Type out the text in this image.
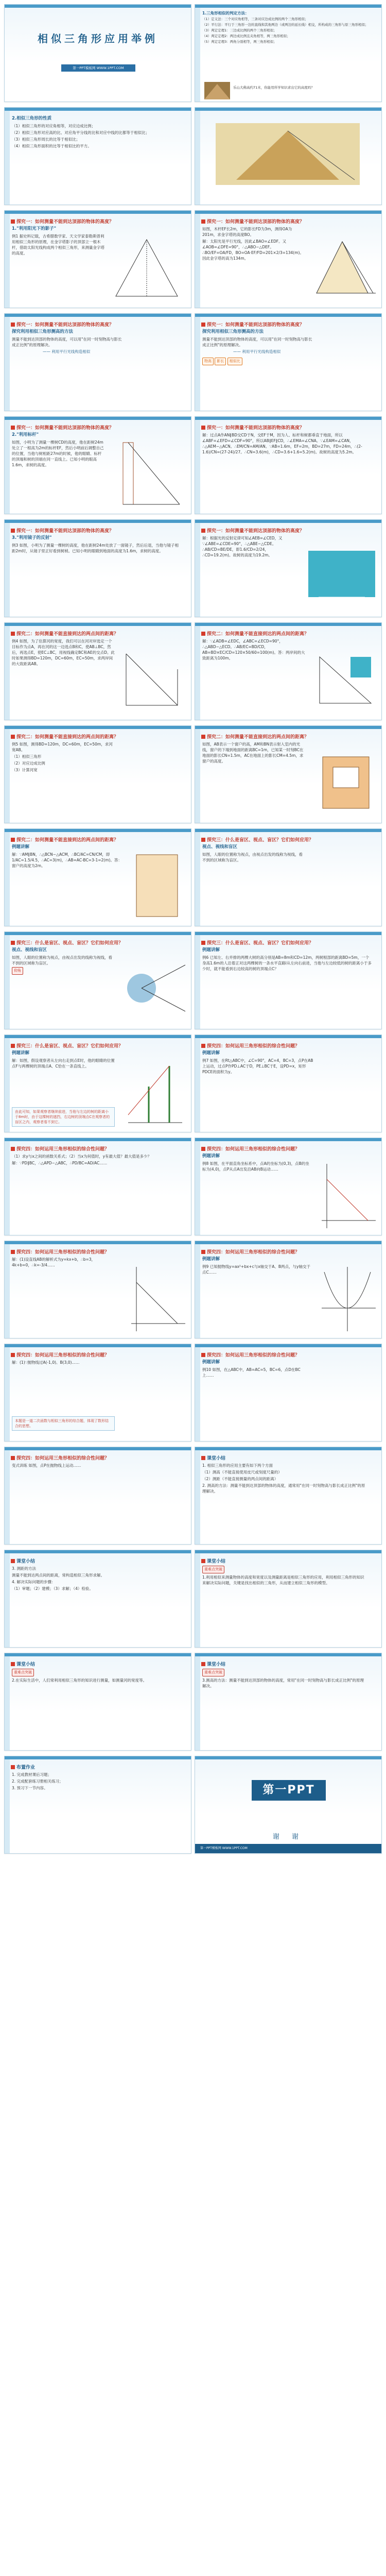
相似三角形应用举例
第一PPT模板网 WWW.1PPT.COM
1.三角形相似的判定方法：

（1）定义法：三个对应角相等，三条对应边成比例的两个三角形相似；

（2）平行法：平行于三角形一边的直线和其他两边（或两边的延长线）相交，所构成的三角形与原三角形相似；

（3）判定定理1：三边成比例的两个三角形相似；

（4）判定定理2：两边成比例且夹角相等，两三角形相似；

（5）判定定理3：两角分别相等，两三角形相似；

乐山大佛高约71米，你能用所学知识求出它的高度吗？
2.相似三角形的性质

（1）相似三角形的对应角相等，对应边成比例；

（2）相似三角形对应高的比、对应角平分线的比和对应中线的比都等于相似比；

（3）相似三角形周长的比等于相似比；

（4）相似三角形面积的比等于相似比的平方。

探究一：如何测量不能到达顶部的物体的高度？
1."利用阳光下的影子"

例1 据史料记载，古希腊数学家、天文学家泰勒斯曾利用相似三角形的原理，在金字塔影子的顶部立一根木杆，借助太阳光线构成两个相似三角形，来测量金字塔的高度。

探究一：如何测量不能到达顶部的物体的高度？

如图，木杆EF长2m，它的影长FD为3m，测得OA为201m，求金字塔的高度BO。

解：太阳光是平行光线，因此∠BAO=∠EDF。又∠AOB=∠DFE=90°，∴△ABO∽△DEF。∴BO/EF=OA/FD，BO=OA·EF/FD=201×2/3=134(m)。因此金字塔的高为134m。

探究一：如何测量不能到达顶部的物体的高度？
探究利用相似三角形测高的方法

测量不能到达顶部的物体的高度，可以用"在同一时刻物高与影长成正比例"的原理解决。

—— 利用平行光线构造相似

探究一：如何测量不能到达顶部的物体的高度？
探究利用相似三角形测高的方法

测量不能到达顶部的物体的高度，可以用"在同一时刻物高与影长成正比例"的原理解决。

—— 利用平行光线构造相似

物高 影长 相似比

探究一：如何测量不能到达顶部的物体的高度？
2."利用标杆"

如图，小明为了测量一棵树CD的高度，他在距树24m处立了一根高为2m的标杆EF，然后小明前后调整自己的位置，当他与树相距27m的时候，他的眼睛、标杆的顶端和树的顶端在同一直线上。已知小明的眼高1.6m，求树的高度。

探究一：如何测量不能到达顶部的物体的高度？

解：过点A作AN∥BD交CD于N，交EF于M，因为人、标杆和树都垂直于地面，所以∠ABF=∠EFD=∠CDF=90°，所以AB∥EF∥CD，∴∠EMA=∠CNA。∵∠EAM=∠CAN，∴△AEM∽△ACN。∴EM/CN=AM/AN。∵AB=1.6m，EF=2m，BD=27m，FD=24m，∴(2-1.6)/CN=(27-24)/27。∴CN=3.6(m)，∴CD=3.6+1.6=5.2(m)。故树的高度为5.2m。

探究一：如何测量不能到达顶部的物体的高度？
3."利用镜子的反射"

例3 如图，小明为了测量一棵树的高度，他在距树24m处放了一面镜子，然后后退，当他与镜子相距2m时，从镜子里正好看到树梢。已知小明的眼睛到地面的高度为1.6m，求树的高度。

探究一：如何测量不能到达顶部的物体的高度？

解：根据光的反射定律可知∠AEB=∠CED，又∵∠ABE=∠CDE=90°，∴△ABE∽△CDE。∴AB/CD=BE/DE，即1.6/CD=2/24，∴CD=19.2(m)。故树的高度为19.2m。

探究二：如何测量不能直接到达的两点间的距离？

例4 如图，为了估算河的宽度，我们可以在河对岸选定一个目标作为点A，再在河的这一边选点B和C，使AB⊥BC，然后，再选点E，使EC⊥BC，用视线确定BC和AE的交点D。此时如果测得BD=120m，DC=60m，EC=50m，求两岸间的大致距离AB。

探究二：如何测量不能直接到达的两点间的距离？

解：∵∠ADB=∠EDC，∠ABC=∠ECD=90°，∴△ABD∽△ECD。∴AB/EC=BD/CD，AB=BD×EC/CD=120×50/60=100(m)。答：两岸间的大致距离为100m。

探究二：如何测量不能直接到达的两点间的距离？

例5 如图，测得BD=120m，DC=60m，EC=50m，求河宽AB。

（1）相似三角形

（2）对应边成比例

（3）计算河宽

探究二：如何测量不能直接到达的两点间的距离？

如图，AB表示一个窗户的高，AM和BN表示射入室内的光线，窗户的下端到地面的距离BC=1m，已知某一时刻BC在地面的影长CN=1.5m，AC在地面上的影长CM=4.5m，求窗户的高度。

探究二：如何测量不能直接到达的两点间的距离？
例题讲解

解：∵AM∥BN，∴△BCN∽△ACM，∴BC/AC=CN/CM，即1/AC=1.5/4.5，∴AC=3(m)，∴AB=AC-BC=3-1=2(m)。答：窗户的高度为2m。

探究三：什么是盲区、视点、盲区？它们如何应用？
视点、视线和盲区

如图，人眼的位置称为视点，由视点出发的线称为视线，看不到的区域称为盲区。

探究三：什么是盲区、视点、盲区？它们如何应用？
视点、视线和盲区

如图，人眼的位置称为视点，由视点出发的线称为视线，看不到的区域称为盲区。

仰角

探究三：什么是盲区、视点、盲区？它们如何应用？
例题讲解

例6 已知左、右并排的两棵大树的高分别是AB=8m和CD=12m，两树根部的距离BD=5m，一个身高1.6m的人沿着正对这两棵树的一条水平直路l从左向右前进，当他与左边较低的树的距离小于多少时，就不能看到右边较高的树的顶端点C？

探究三：什么是盲区、视点、盲区？它们如何应用？
例题讲解

解：如图，假设观察者从左向右走到点E时，他的眼睛的位置点F与两棵树的顶端点A、C恰在一条直线上。

由此可知，如果观察者继续前进，当他与左边的树的距离小于8m时，由于这棵树的遮挡，右边树的顶端点C在观察者的盲区之内，观察者看不到它。
探究四：如何运用三角形相似的综合性问题？
例题讲解

例7 如图，在Rt△ABC中，∠C=90°，AC=4，BC=3，点P在AB上运动，过点P作PD⊥AC于D，PE⊥BC于E，设PD=x，矩形PDCE的面积为y。

探究四：如何运用三角形相似的综合性问题？

（1）求y与x之间的函数关系式；（2）当x为何值时，y有最大值？最大值是多少？

解：∵PD∥BC，∴△APD∽△ABC，∴PD/BC=AD/AC……

探究四：如何运用三角形相似的综合性问题？
例题讲解

例8 如图，在平面直角坐标系中，点A的坐标为(0,3)，点B的坐标为(4,0)，点P从点A出发沿AB向B运动……

探究四：如何运用三角形相似的综合性问题？

解：(1)设直线AB的解析式为y=kx+b，∴b=3，4k+b=0，∴k=-3/4……

探究四：如何运用三角形相似的综合性问题？
例题讲解

例9 已知抛物线y=ax²+bx+c与x轴交于A、B两点，与y轴交于点C……

探究四：如何运用三角形相似的综合性问题？

解：(1)∵抛物线过A(-1,0)、B(3,0)……

本题是一道二次函数与相似三角形的综合题，体现了数形结合的思想。
探究四：如何运用三角形相似的综合性问题？
例题讲解

例10 如图，在△ABC中，AB=AC=5，BC=6，点D在BC上……

探究四：如何运用三角形相似的综合性问题？

变式训练 如图，点P在抛物线上运动……

课堂小结

1. 相似三角形的应用主要有如下两个方面

（1）测高（不能直接使用皮尺或刻度尺量的）

（2）测距（不能直接测量的两点间的距离）

2. 测高的方法：测量不能到达顶部的物体的高度，通常用"在同一时刻物高与影长成正比例"的原理解决。

课堂小结

3. 测距的方法

测量不能到达两点间的距离，常构造相似三角形求解。

4. 解决实际问题的步骤：

（1）审题；（2）建模；（3）求解；（4）检验。

课堂小结

重难点突破

1.利用相似来测量物体的高度和宽度以及测量距离是相似三角形的应用，利用相似三角形的知识来解决实际问题，关键是找出相似的三角形，从而建立相似三角形的模型。

课堂小结

重难点突破

2.在实际生活中，人们常利用相似三角形的知识进行测量，如测量河的宽度等。

课堂小结

重难点突破

3.测高的方法：测量不能到达顶部的物体的高度，常用"在同一时刻物高与影长成正比例"的原理解决。

布置作业

1. 完成教材课后习题；

2. 完成配套练习册相关练习；

3. 预习下一节内容。	第一PPT
谢 谢
第一PPT模板网 WWW.1PPT.COM
